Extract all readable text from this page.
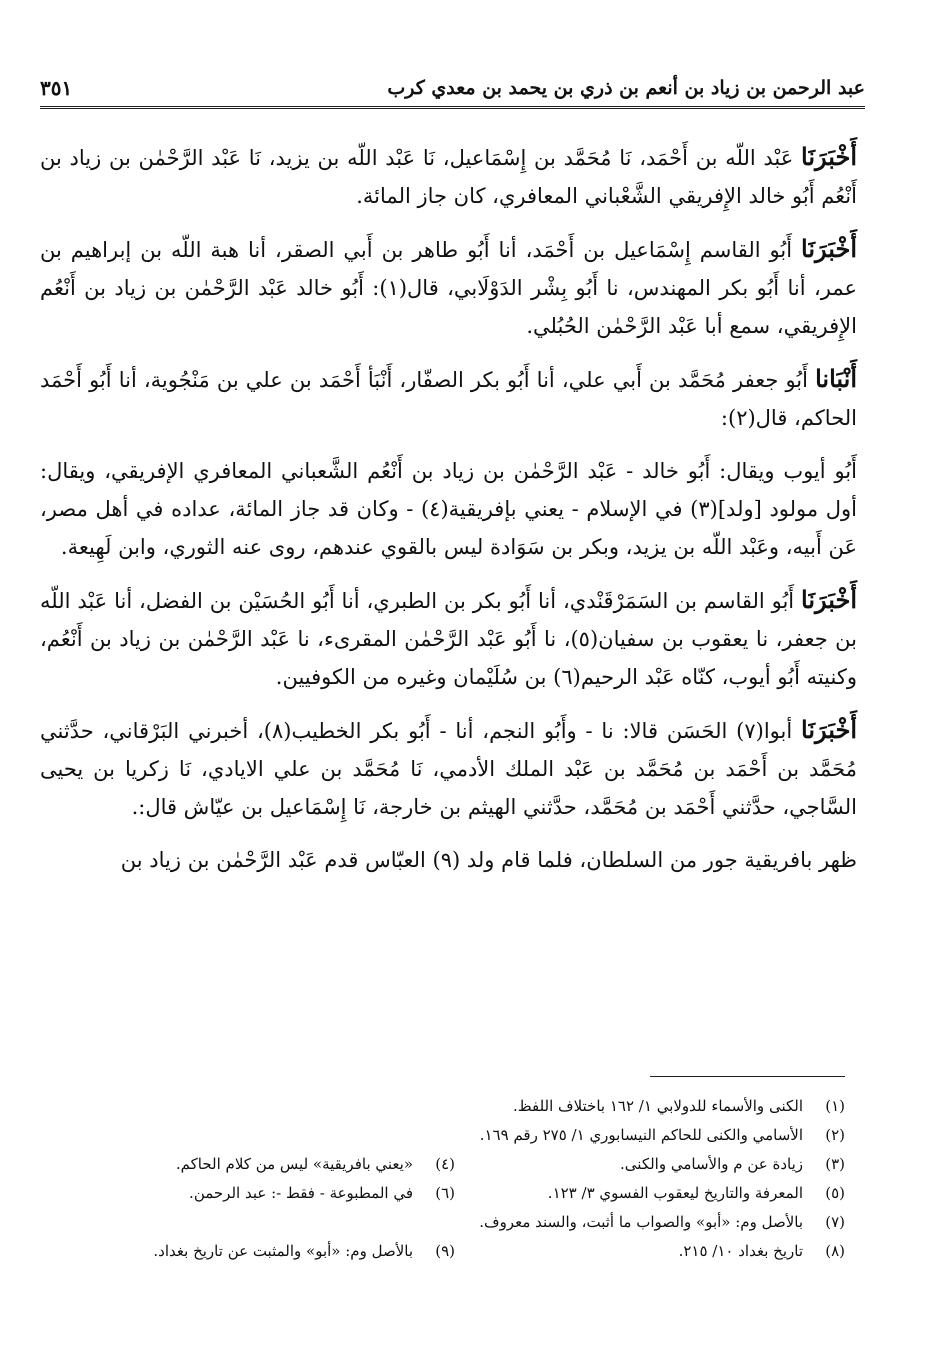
عبد الرحمن بن زياد بن أنعم بن ذري بن يحمد بن معدي كرب
٣٥١

أَخْبَرَنَا عَبْد اللّه بن أَحْمَد، نَا مُحَمَّد بن إِسْمَاعيل، نَا عَبْد اللّه بن يزيد، نَا عَبْد الرَّحْمٰن بن زياد بن أَنْعُم أَبُو خالد الإِفريقي الشَّعْباني المعافري، كان جاز المائة.

أَخْبَرَنَا أَبُو القاسم إِسْمَاعيل بن أَحْمَد، أنا أَبُو طاهر بن أَبي الصقر، أنا هبة اللّه بن إبراهيم بن عمر، أنا أَبُو بكر المهندس، نا أَبُو بِشْر الدَوْلَابي، قال(١): أَبُو خالد عَبْد الرَّحْمٰن بن زياد بن أَنْعُم الإِفريقي، سمع أبا عَبْد الرَّحْمٰن الحُبُلي.

أَنْبَانا أَبُو جعفر مُحَمَّد بن أَبي علي، أنا أَبُو بكر الصفّار، أَنْبَأ أَحْمَد بن علي بن مَنْجُوية، أنا أَبُو أَحْمَد الحاكم، قال(٢):

أَبُو أيوب ويقال: أَبُو خالد - عَبْد الرَّحْمٰن بن زياد بن أَنْعُم الشَّعباني المعافري الإفريقي، ويقال: أول مولود [ولد](٣) في الإسلام - يعني بإفريقية(٤) - وكان قد جاز المائة، عداده في أهل مصر، عَن أَبيه، وعَبْد اللّه بن يزيد، وبكر بن سَوَادة ليس بالقوي عندهم، روى عنه الثوري، وابن لَهِيعة.

أَخْبَرَنَا أَبُو القاسم بن السَمَرْقَنْدي، أنا أَبُو بكر بن الطبري، أنا أَبُو الحُسَيْن بن الفضل، أنا عَبْد اللّه بن جعفر، نا يعقوب بن سفيان(٥)، نا أَبُو عَبْد الرَّحْمٰن المقرىء، نا عَبْد الرَّحْمٰن بن زياد بن أَنْعُم، وكنيته أَبُو أيوب، كنّاه عَبْد الرحيم(٦) بن سُلَيْمان وغيره من الكوفيين.

أَخْبَرَنَا أبوا(٧) الحَسَن قالا: نا - وأَبُو النجم، أنا - أَبُو بكر الخطيب(٨)، أخبرني البَرْقاني، حدَّثني مُحَمَّد بن أَحْمَد بن مُحَمَّد بن عَبْد الملك الأدمي، نَا مُحَمَّد بن علي الايادي، نَا زكريا بن يحيى السَّاجي، حدَّثني أَحْمَد بن مُحَمَّد، حدَّثني الهيثم بن خارجة، نَا إِسْمَاعيل بن عيّاش قال:.

ظهر بافريقية جور من السلطان، فلما قام ولد (٩) العبّاس قدم عَبْد الرَّحْمٰن بن زياد بن

(١)
الكنى والأسماء للدولابي ١/ ١٦٢ باختلاف اللفظ.
(٢)
الأسامي والكنى للحاكم النيسابوري ١/ ٢٧٥ رقم ١٦٩.
(٣)
زيادة عن م والأسامي والكنى.
(٤)
«يعني بافريقية» ليس من كلام الحاكم.
(٥)
المعرفة والتاريخ ليعقوب الفسوي ٣/ ١٢٣.
(٦)
في المطبوعة - فقط -: عبد الرحمن.
(٧)
بالأصل وم: «أبو» والصواب ما أثبت، والسند معروف.
(٨)
تاريخ بغداد ١٠/ ٢١٥.
(٩)
بالأصل وم: «أبو» والمثبت عن تاريخ بغداد.
